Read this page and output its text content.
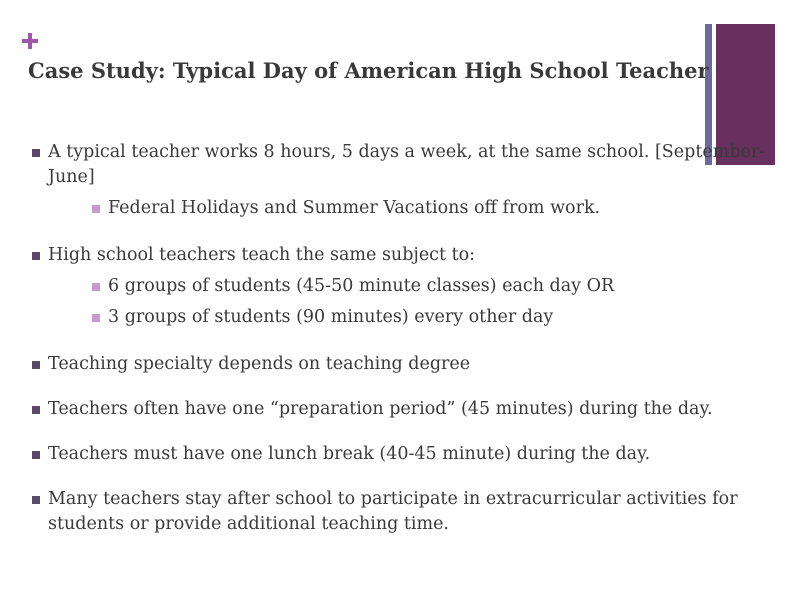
Case Study: Typical Day of American High School Teacher
A typical teacher works 8 hours, 5 days a week, at the same school. [September-June]
Federal Holidays and Summer Vacations off from work.
High school teachers teach the same subject to:
6 groups of students (45-50 minute classes) each day OR
3 groups of students (90 minutes) every other day
Teaching specialty depends on teaching degree
Teachers often have one “preparation period” (45 minutes) during the day.
Teachers must have one lunch break (40-45 minute) during the day.
Many teachers stay after school to participate in extracurricular activities for students or provide additional teaching time.
